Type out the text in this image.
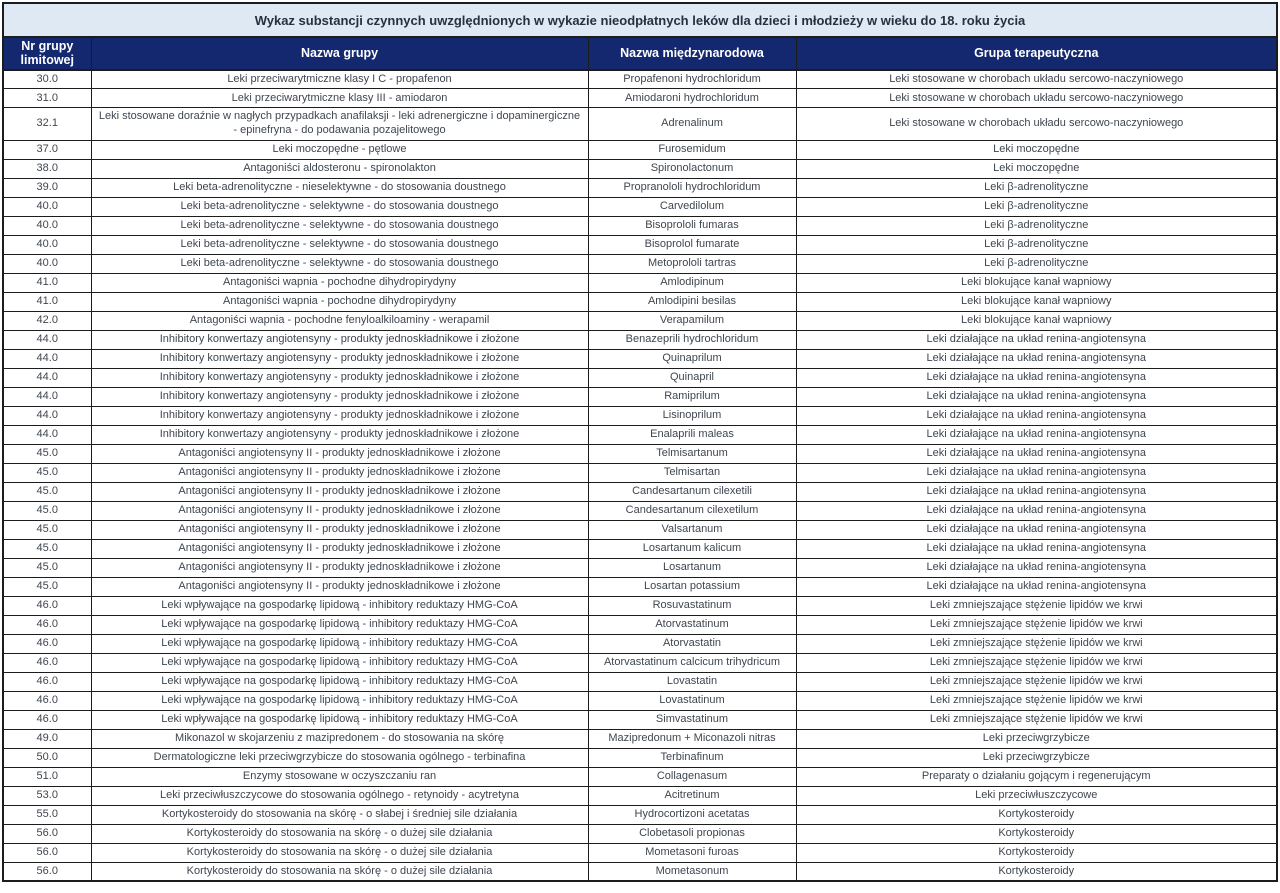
Wykaz substancji czynnych uwzględnionych w wykazie nieodpłatnych leków dla dzieci i młodzieży w wieku do 18. roku życia			
Nr grupy limitowej	Nazwa grupy	Nazwa międzynarodowa	Grupa terapeutyczna
30.0	Leki przeciwarytmiczne klasy I C - propafenon	Propafenoni hydrochloridum	Leki stosowane w chorobach układu sercowo-naczyniowego
31.0	Leki przeciwarytmiczne klasy III - amiodaron	Amiodaroni hydrochloridum	Leki stosowane w chorobach układu sercowo-naczyniowego
32.1	Leki stosowane doraźnie w nagłych przypadkach anafilaksji - leki adrenergiczne i dopaminergiczne - epinefryna - do podawania pozajelitowego	Adrenalinum	Leki stosowane w chorobach układu sercowo-naczyniowego
37.0	Leki moczopędne - pętlowe	Furosemidum	Leki moczopędne
38.0	Antagoniści aldosteronu - spironolakton	Spironolactonum	Leki moczopędne
39.0	Leki beta-adrenolityczne - nieselektywne - do stosowania doustnego	Propranololi hydrochloridum	Leki β-adrenolityczne
40.0	Leki beta-adrenolityczne - selektywne - do stosowania doustnego	Carvedilolum	Leki β-adrenolityczne
40.0	Leki beta-adrenolityczne - selektywne - do stosowania doustnego	Bisoprololi fumaras	Leki β-adrenolityczne
40.0	Leki beta-adrenolityczne - selektywne - do stosowania doustnego	Bisoprolol fumarate	Leki β-adrenolityczne
40.0	Leki beta-adrenolityczne - selektywne - do stosowania doustnego	Metoprololi tartras	Leki β-adrenolityczne
41.0	Antagoniści wapnia - pochodne dihydropirydyny	Amlodipinum	Leki blokujące kanał wapniowy
41.0	Antagoniści wapnia - pochodne dihydropirydyny	Amlodipini besilas	Leki blokujące kanał wapniowy
42.0	Antagoniści wapnia - pochodne fenyloalkiloaminy - werapamil	Verapamilum	Leki blokujące kanał wapniowy
44.0	Inhibitory konwertazy angiotensyny - produkty jednoskładnikowe i złożone	Benazeprili hydrochloridum	Leki działające na układ renina-angiotensyna
44.0	Inhibitory konwertazy angiotensyny - produkty jednoskładnikowe i złożone	Quinaprilum	Leki działające na układ renina-angiotensyna
44.0	Inhibitory konwertazy angiotensyny - produkty jednoskładnikowe i złożone	Quinapril	Leki działające na układ renina-angiotensyna
44.0	Inhibitory konwertazy angiotensyny - produkty jednoskładnikowe i złożone	Ramiprilum	Leki działające na układ renina-angiotensyna
44.0	Inhibitory konwertazy angiotensyny - produkty jednoskładnikowe i złożone	Lisinoprilum	Leki działające na układ renina-angiotensyna
44.0	Inhibitory konwertazy angiotensyny - produkty jednoskładnikowe i złożone	Enalaprili maleas	Leki działające na układ renina-angiotensyna
45.0	Antagoniści angiotensyny II - produkty jednoskładnikowe i złożone	Telmisartanum	Leki działające na układ renina-angiotensyna
45.0	Antagoniści angiotensyny II - produkty jednoskładnikowe i złożone	Telmisartan	Leki działające na układ renina-angiotensyna
45.0	Antagoniści angiotensyny II - produkty jednoskładnikowe i złożone	Candesartanum cilexetili	Leki działające na układ renina-angiotensyna
45.0	Antagoniści angiotensyny II - produkty jednoskładnikowe i złożone	Candesartanum cilexetilum	Leki działające na układ renina-angiotensyna
45.0	Antagoniści angiotensyny II - produkty jednoskładnikowe i złożone	Valsartanum	Leki działające na układ renina-angiotensyna
45.0	Antagoniści angiotensyny II - produkty jednoskładnikowe i złożone	Losartanum kalicum	Leki działające na układ renina-angiotensyna
45.0	Antagoniści angiotensyny II - produkty jednoskładnikowe i złożone	Losartanum	Leki działające na układ renina-angiotensyna
45.0	Antagoniści angiotensyny II - produkty jednoskładnikowe i złożone	Losartan potassium	Leki działające na układ renina-angiotensyna
46.0	Leki wpływające na gospodarkę lipidową - inhibitory reduktazy HMG-CoA	Rosuvastatinum	Leki zmniejszające stężenie lipidów we krwi
46.0	Leki wpływające na gospodarkę lipidową - inhibitory reduktazy HMG-CoA	Atorvastatinum	Leki zmniejszające stężenie lipidów we krwi
46.0	Leki wpływające na gospodarkę lipidową - inhibitory reduktazy HMG-CoA	Atorvastatin	Leki zmniejszające stężenie lipidów we krwi
46.0	Leki wpływające na gospodarkę lipidową - inhibitory reduktazy HMG-CoA	Atorvastatinum calcicum trihydricum	Leki zmniejszające stężenie lipidów we krwi
46.0	Leki wpływające na gospodarkę lipidową - inhibitory reduktazy HMG-CoA	Lovastatin	Leki zmniejszające stężenie lipidów we krwi
46.0	Leki wpływające na gospodarkę lipidową - inhibitory reduktazy HMG-CoA	Lovastatinum	Leki zmniejszające stężenie lipidów we krwi
46.0	Leki wpływające na gospodarkę lipidową - inhibitory reduktazy HMG-CoA	Simvastatinum	Leki zmniejszające stężenie lipidów we krwi
49.0	Mikonazol w skojarzeniu z mazipredonem - do stosowania na skórę	Mazipredonum + Miconazoli nitras	Leki przeciwgrzybicze
50.0	Dermatologiczne leki przeciwgrzybicze do stosowania ogólnego - terbinafina	Terbinafinum	Leki przeciwgrzybicze
51.0	Enzymy stosowane w oczyszczaniu ran	Collagenasum	Preparaty o działaniu gojącym i regenerującym
53.0	Leki przeciwłuszczycowe do stosowania ogólnego - retynoidy - acytretyna	Acitretinum	Leki przeciwłuszczycowe
55.0	Kortykosteroidy do stosowania na skórę - o słabej i średniej sile działania	Hydrocortizoni acetatas	Kortykosteroidy
56.0	Kortykosteroidy do stosowania na skórę - o dużej sile działania	Clobetasoli propionas	Kortykosteroidy
56.0	Kortykosteroidy do stosowania na skórę - o dużej sile działania	Mometasoni furoas	Kortykosteroidy
56.0	Kortykosteroidy do stosowania na skórę - o dużej sile działania	Mometasonum	Kortykosteroidy
